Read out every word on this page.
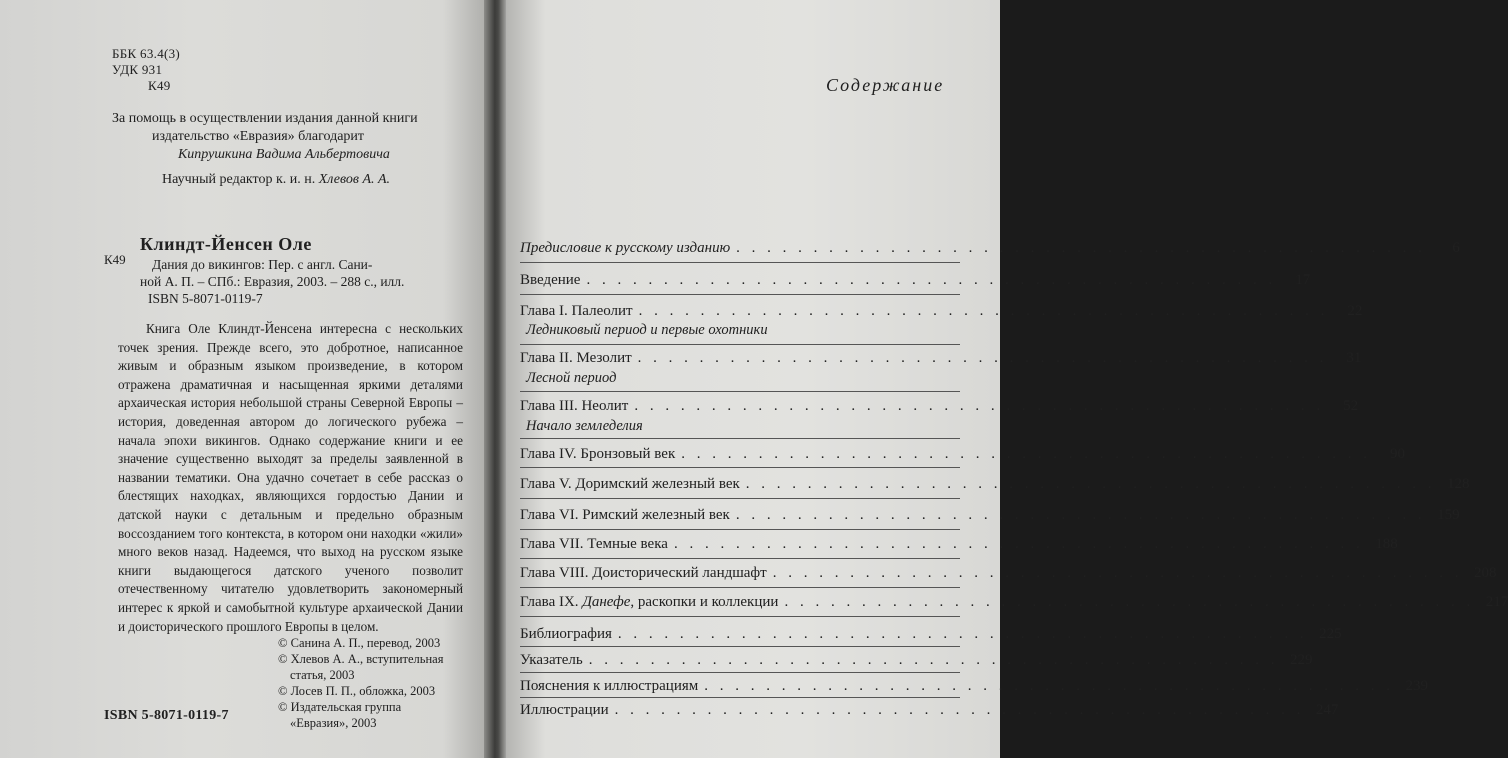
ББК 63.4(3)
УДК 931
К49
За помощь в осуществлении издания данной книги
издательство «Евразия» благодарит
Кипрушкина Вадима Альбертовича
Научный редактор к. и. н. Хлевов А. А.
Клиндт-Йенсен Оле
К49 Дания до викингов: Пер. с англ. Сани-
ной А. П. – СПб.: Евразия, 2003. – 288 с., илл.
ISBN 5-8071-0119-7
Книга Оле Клиндт-Йенсена интересна с нескольких точек зрения. Прежде всего, это добротное, написанное живым и образным языком произведение, в котором отражена драматичная и насыщенная яркими деталями архаическая история небольшой страны Северной Европы – история, доведенная автором до логического рубежа – начала эпохи викингов. Однако содержание книги и ее значение существенно выходят за пределы заявленной в названии тематики. Она удачно сочетает в себе рассказ о блестящих находках, являющихся гордостью Дании и датской науки с детальным и предельно образным воссозданием того контекста, в котором они находки «жили» много веков назад. Надеемся, что выход на русском языке книги выдающегося датского ученого позволит отечественному читателю удовлетворить закономерный интерес к яркой и самобытной культуре архаической Дании и доисторического прошлого Европы в целом.
© Санина А. П., перевод, 2003
© Хлевов А. А., вступительная
статья, 2003
© Лосев П. П., обложка, 2003
© Издательская группа
«Евразия», 2003
ISBN 5-8071-0119-7
Содержание
Предисловие к русскому изданию . . . . . . . . . . . . . . . . . . . . . . . . . . . . . . . . . . . . . . . . . . . . .	6
Введение . . . . . . . . . . . . . . . . . . . . . . . . . . . . . . . . . . . . . . . . . . . . .	17
Глава I. Палеолит . . . . . . . . . . . . . . . . . . . . . . . . . . . . . . . . . . . . . . . . . . . . .	22
Ледниковый период и первые охотники
Глава II. Мезолит . . . . . . . . . . . . . . . . . . . . . . . . . . . . . . . . . . . . . . . . . . . . .	31
Лесной период
Глава III. Неолит . . . . . . . . . . . . . . . . . . . . . . . . . . . . . . . . . . . . . . . . . . . . .	52
Начало земледелия
Глава IV. Бронзовый век . . . . . . . . . . . . . . . . . . . . . . . . . . . . . . . . . . . . . . . . . . . . .	90
Глава V. Доримский железный век . . . . . . . . . . . . . . . . . . . . . . . . . . . . . . . . . . . . . . . . . . . . . 128
Глава VI. Римский железный век . . . . . . . . . . . . . . . . . . . . . . . . . . . . . . . . . . . . . . . . . . . . . 159
Глава VII. Темные века . . . . . . . . . . . . . . . . . . . . . . . . . . . . . . . . . . . . . . . . . . . . . 188
Глава VIII. Доисторический ландшафт . . . . . . . . . . . . . . . . . . . . . . . . . . . . . . . . . . . . . . . . . . . . . 208
Глава IX. Данефе, раскопки и коллекции . . . . . . . . . . . . . . . . . . . . . . . . . . . . . . . . . . . . . . . . . . . . . 217
Библиография . . . . . . . . . . . . . . . . . . . . . . . . . . . . . . . . . . . . . . . . . . . . . 225
Указатель . . . . . . . . . . . . . . . . . . . . . . . . . . . . . . . . . . . . . . . . . . . . . 229
Пояснения к иллюстрациям . . . . . . . . . . . . . . . . . . . . . . . . . . . . . . . . . . . . . . . . . . . . . 239
Иллюстрации . . . . . . . . . . . . . . . . . . . . . . . . . . . . . . . . . . . . . . . . . . . . . 247
